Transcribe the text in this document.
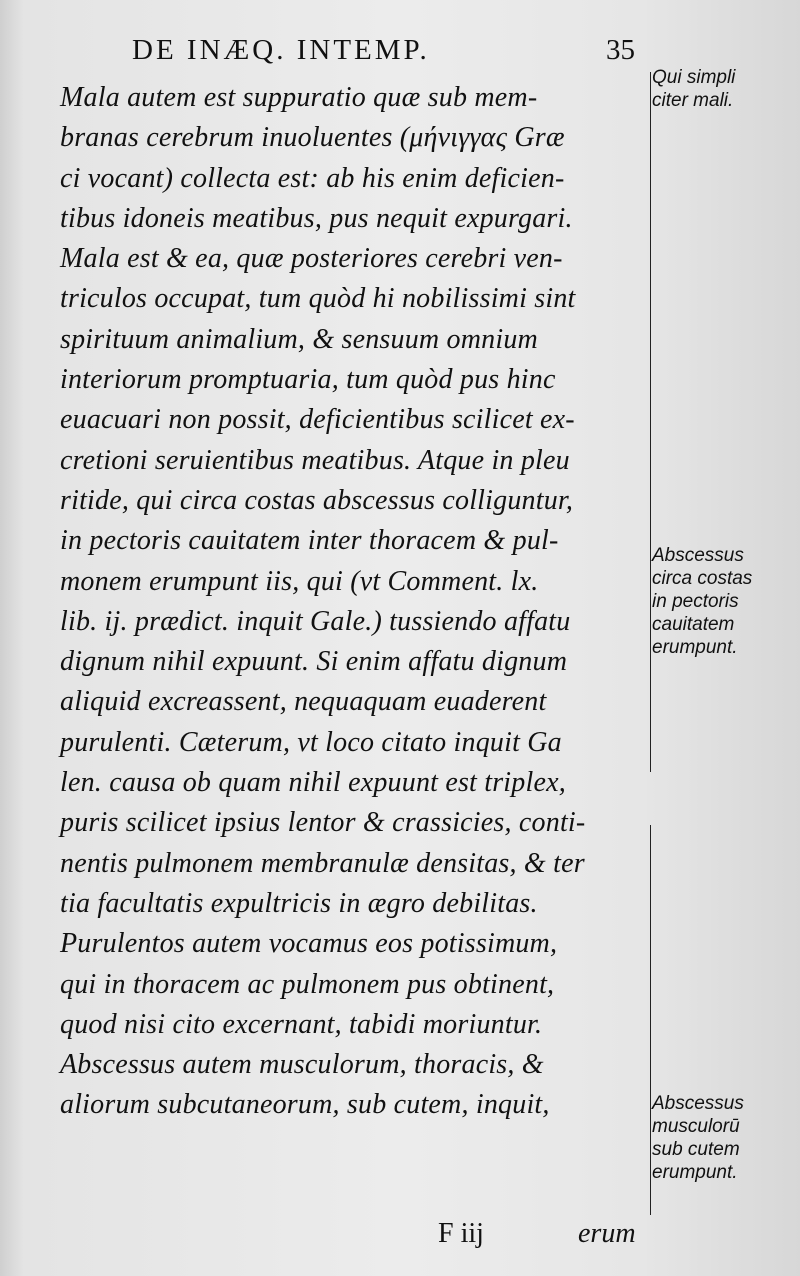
DE INÆQ. INTEMP.	35
Mala autem est suppuratio quæ sub mem-
branas cerebrum inuoluentes (μήνιγγας Græ
ci vocant) collecta est: ab his enim deficien-
tibus idoneis meatibus, pus nequit expurgari.
Mala est & ea, quæ posteriores cerebri ven-
triculos occupat, tum quòd hi nobilissimi sint
spirituum animalium, & sensuum omnium
interiorum promptuaria, tum quòd pus hinc
euacuari non possit, deficientibus scilicet ex-
cretioni seruientibus meatibus. Atque in pleu
ritide, qui circa costas abscessus colliguntur,
in pectoris cauitatem inter thoracem & pul-
monem erumpunt iis, qui (vt Comment. lx.
lib. ij. prædict. inquit Gale.) tussiendo affatu
dignum nihil expuunt. Si enim affatu dignum
aliquid excreassent, nequaquam euaderent
purulenti. Cæterum, vt loco citato inquit Ga
len. causa ob quam nihil expuunt est triplex,
puris scilicet ipsius lentor & crassicies, conti-
nentis pulmonem membranulæ densitas, & ter
tia facultatis expultricis in ægro debilitas.
Purulentos autem vocamus eos potissimum,
qui in thoracem ac pulmonem pus obtinent,
quod nisi cito excernant, tabidi moriuntur.
Abscessus autem musculorum, thoracis, &
aliorum subcutaneorum, sub cutem, inquit,
Qui simpli
citer mali.
Abscessus
circa costas
in pectoris
cauitatem
erumpunt.
Abscessus
musculorū
sub cutem
erumpunt.
F iij	erum
